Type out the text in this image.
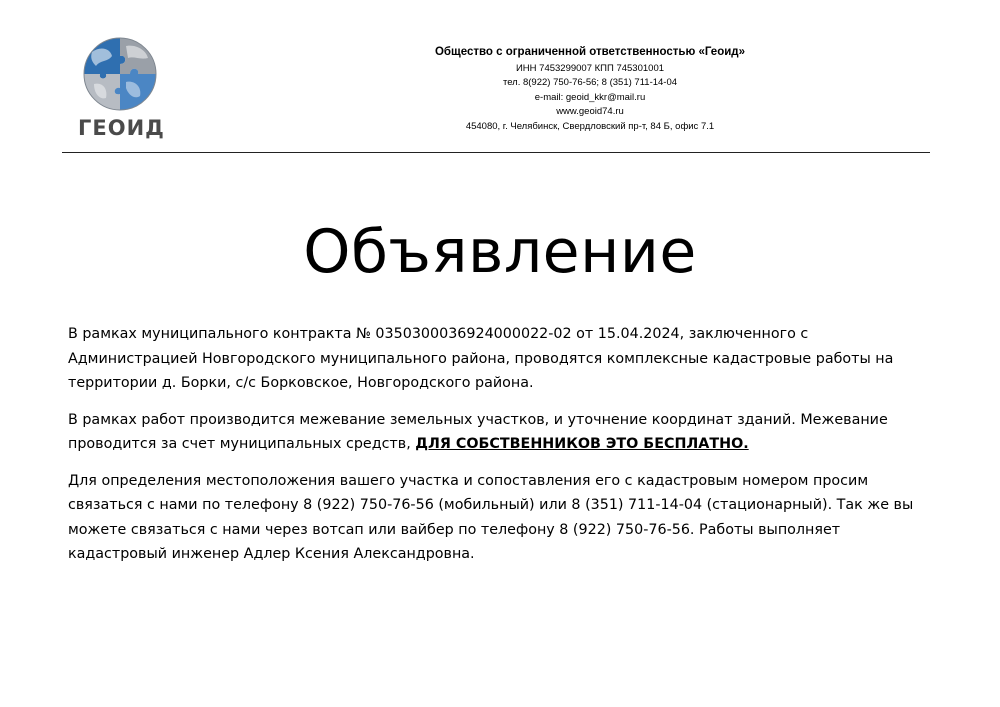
ГЕОИД
Общество с ограниченной ответственностью «Геоид»
ИНН 7453299007 КПП 745301001
тел. 8(922) 750-76-56; 8 (351) 711-14-04
e-mail: geoid_kkr@mail.ru
www.geoid74.ru
454080, г. Челябинск, Свердловский пр-т, 84 Б, офис 7.1
Объявление

В рамках муниципального контракта № 0350300036924000022-02 от 15.04.2024, заключенного с Администрацией Новгородского муниципального района, проводятся комплексные кадастровые работы на территории д. Борки, с/с Борковское, Новгородского района.

В рамках работ производится межевание земельных участков, и уточнение координат зданий. Межевание проводится за счет муниципальных средств, ДЛЯ СОБСТВЕННИКОВ ЭТО БЕСПЛАТНО.

Для определения местоположения вашего участка и сопоставления его с кадастровым номером просим связаться с нами по телефону 8 (922) 750-76-56 (мобильный) или 8 (351) 711-14-04 (стационарный). Так же вы можете связаться с нами через вотсап или вайбер по телефону 8 (922) 750-76-56. Работы выполняет кадастровый инженер Адлер Ксения Александровна.
